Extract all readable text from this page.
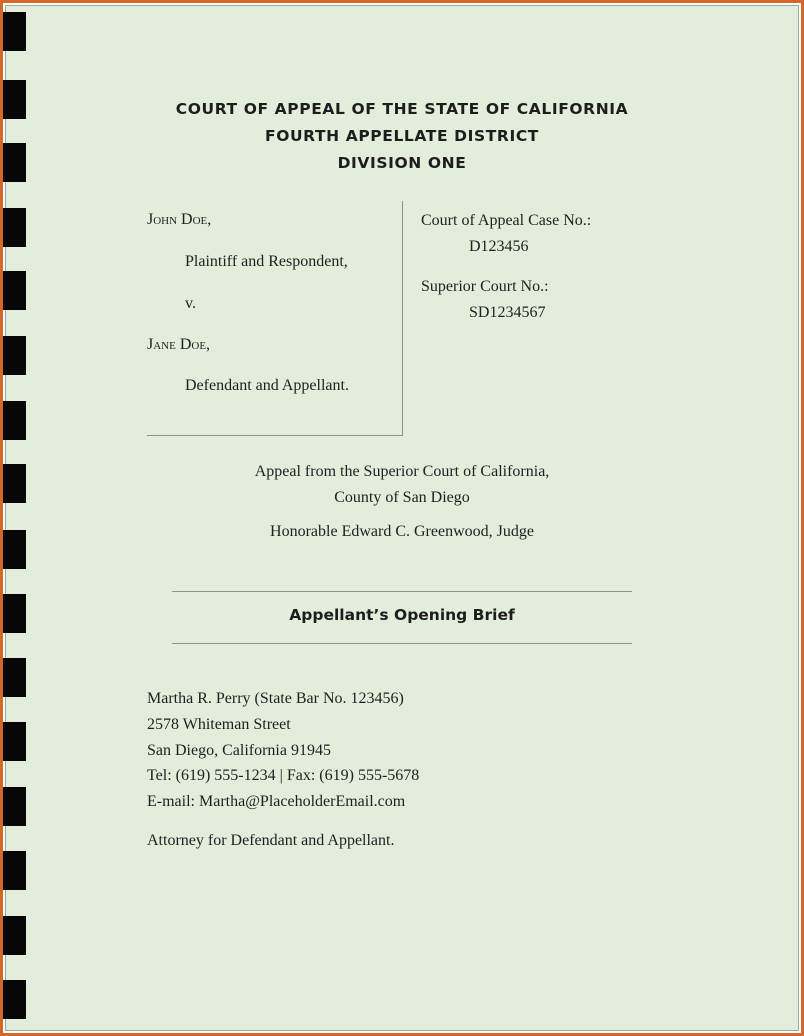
COURT OF APPEAL OF THE STATE OF CALIFORNIA
FOURTH APPELLATE DISTRICT
DIVISION ONE
John Doe,
Plaintiff and Respondent,
v.
Jane Doe,
Defendant and Appellant.
Court of Appeal Case No.:
D123456
Superior Court No.:
SD1234567
Appeal from the Superior Court of California,
County of San Diego
Honorable Edward C. Greenwood, Judge
Appellant’s Opening Brief
Martha R. Perry (State Bar No. 123456)
2578 Whiteman Street
San Diego, California 91945
Tel: (619) 555-1234 | Fax: (619) 555-5678
E-mail: Martha@PlaceholderEmail.com
Attorney for Defendant and Appellant.
